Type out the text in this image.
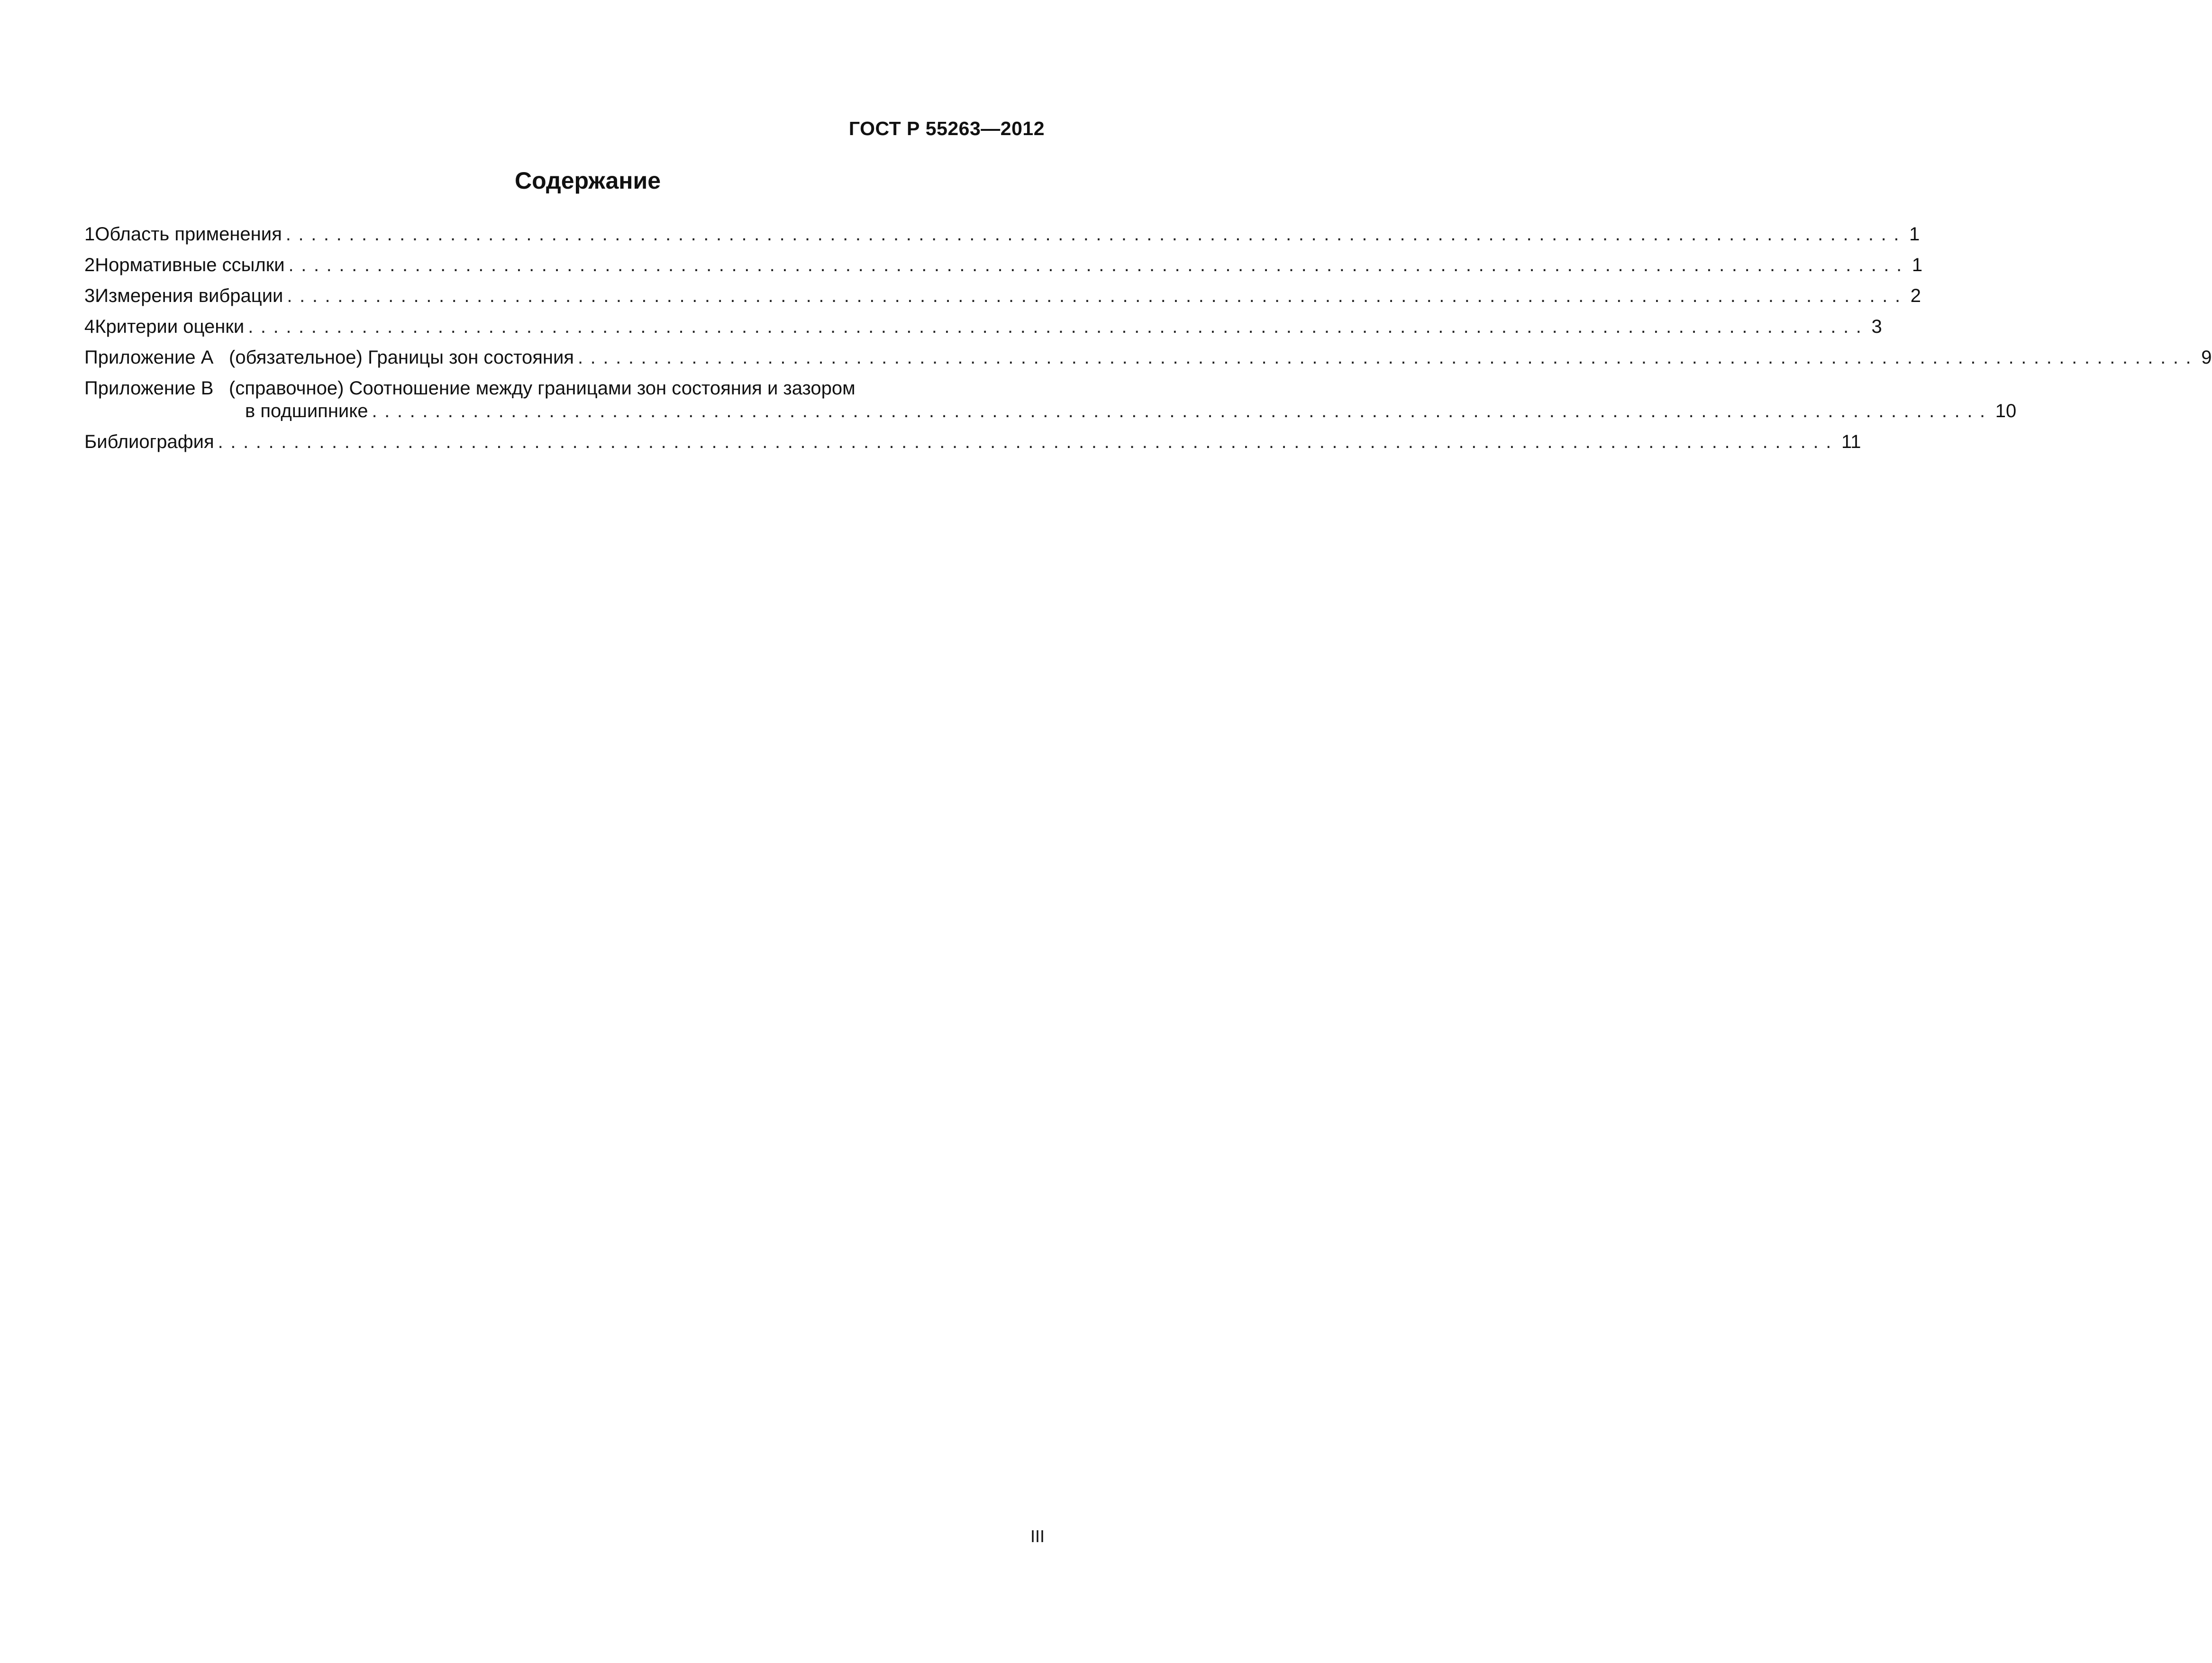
ГОСТ Р 55263—2012
Содержание
1 Область применения ................................................................................................................................ 1
2 Нормативные ссылки ................................................................................................................................ 1
3 Измерения вибрации ................................................................................................................................ 2
4 Критерии оценки ................................................................................................................................ 3
Приложение А (обязательное) Границы зон состояния ................................................................................................................................ 9
Приложение В (справочное) Соотношение между границами зон состояния и зазором
в подшипнике ................................................................................................................................ 10
Библиография ................................................................................................................................ 11
III
